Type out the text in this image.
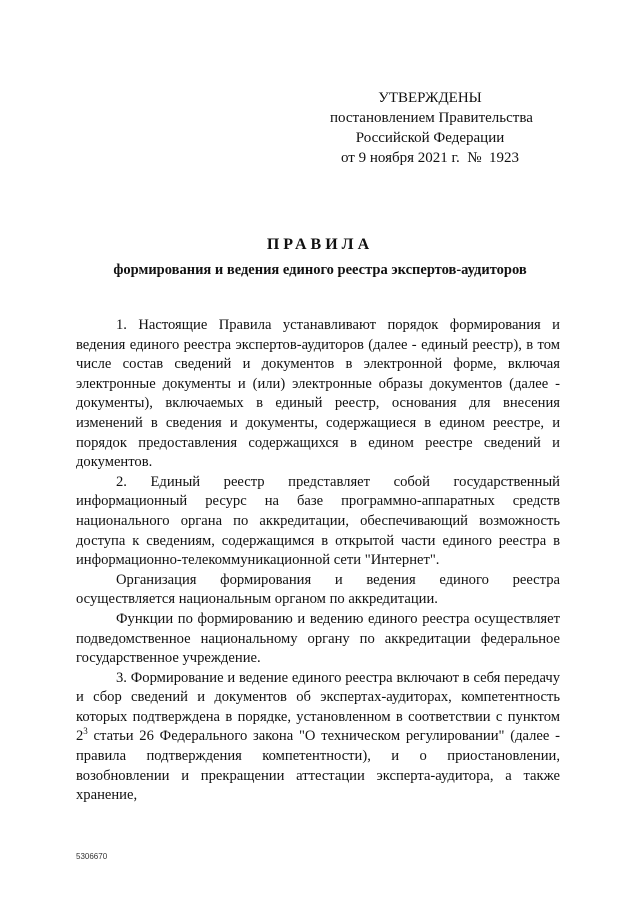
УТВЕРЖДЕНЫ
постановлением Правительства
Российской Федерации
от 9 ноября 2021 г.  №  1923
ПРАВИЛА
формирования и ведения единого реестра экспертов-аудиторов

1. Настоящие Правила устанавливают порядок формирования и ведения единого реестра экспертов-аудиторов (далее - единый реестр), в том числе состав сведений и документов в электронной форме, включая электронные документы и (или) электронные образы документов (далее - документы), включаемых в единый реестр, основания для внесения изменений в сведения и документы, содержащиеся в едином реестре, и порядок предоставления содержащихся в едином реестре сведений и документов.

2. Единый реестр представляет собой государственный информационный ресурс на базе программно-аппаратных средств национального органа по аккредитации, обеспечивающий возможность доступа к сведениям, содержащимся в открытой части единого реестра в информационно-телекоммуникационной сети "Интернет".

Организация формирования и ведения единого реестра осуществляется национальным органом по аккредитации.

Функции по формированию и ведению единого реестра осуществляет подведомственное национальному органу по аккредитации федеральное государственное учреждение.

3. Формирование и ведение единого реестра включают в себя передачу и сбор сведений и документов об экспертах-аудиторах, компетентность которых подтверждена в порядке, установленном в соответствии с пунктом $2^3$ статьи 26 Федерального закона "О техническом регулировании" (далее - правила подтверждения компетентности), и о приостановлении, возобновлении и прекращении аттестации эксперта-аудитора, а также хранение,

5306670
